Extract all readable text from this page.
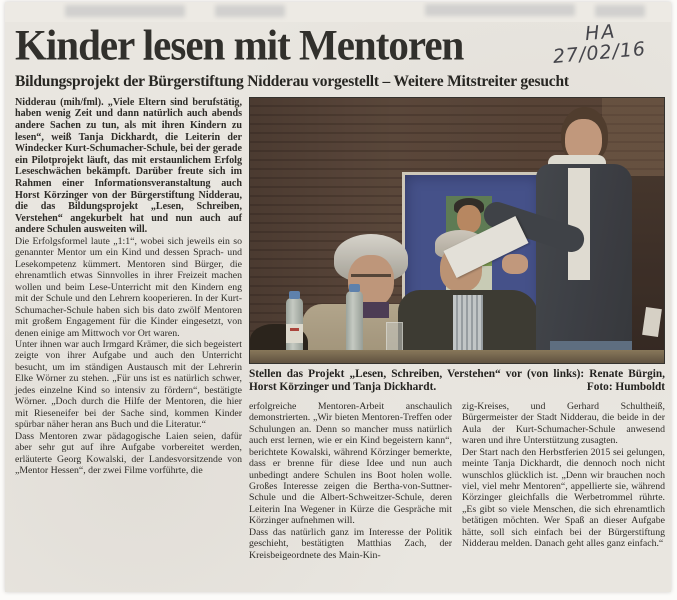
Kinder lesen mit Mentoren	HA
27/02/16

Bildungsprojekt der Bürgerstiftung Nidderau vorgestellt – Weitere Mitstreiter gesucht

Nidderau (mih/fml). „Viele Eltern sind berufstätig, haben wenig Zeit und dann natürlich auch abends andere Sachen zu tun, als mit ihren Kindern zu lesen“, weiß Tanja Dickhardt, die Leiterin der Windecker Kurt-Schumacher-Schule, bei der gerade ein Pilotprojekt läuft, das mit erstaunlichem Erfolg Leseschwächen bekämpft. Darüber freute sich im Rahmen einer Informationsveranstaltung auch Horst Körzinger von der Bürgerstiftung Nidderau, die das Bildungsprojekt „Lesen, Schreiben, Verstehen“ angekurbelt hat und nun auch auf andere Schulen ausweiten will.

Die Erfolgsformel laute „1:1“, wobei sich jeweils ein so genannter Mentor um ein Kind und dessen Sprach- und Lesekompetenz kümmert. Mentoren sind Bürger, die ehrenamtlich etwas Sinnvolles in ihrer Freizeit machen wollen und beim Lese-Unterricht mit den Kindern eng mit der Schule und den Lehrern kooperieren. In der Kurt-Schumacher-Schule haben sich bis dato zwölf Mentoren mit großem Engagement für die Kinder eingesetzt, von denen einige am Mittwoch vor Ort waren.

Unter ihnen war auch Irmgard Krämer, die sich begeistert zeigte von ihrer Aufgabe und auch den Unterricht besucht, um im ständigen Austausch mit der Lehrerin Elke Wörner zu stehen. „Für uns ist es natürlich schwer, jedes einzelne Kind so intensiv zu fördern“, bestätigte Wörner. „Doch durch die Hilfe der Mentoren, die hier mit Rieseneifer bei der Sache sind, kommen Kinder spürbar näher heran ans Buch und die Literatur.“

Dass Mentoren zwar pädagogische Laien seien, dafür aber sehr gut auf ihre Aufgabe vorbereitet werden, erläuterte Georg Kowalski, der Landesvorsitzende von „Mentor Hessen“, der zwei Filme vorführte, die

Stellen das Projekt „Lesen, Schreiben, Verstehen“ vor (von links): Renate Bürgin, Horst Körzinger und Tanja Dickhardt.	Foto: Humboldt

erfolgreiche Mentoren-Arbeit anschaulich demonstrierten. „Wir bieten Mentoren-Treffen oder Schulungen an. Denn so mancher muss natürlich auch erst lernen, wie er ein Kind begeistern kann“, berichtete Kowalski, während Körzinger bemerkte, dass er brenne für diese Idee und nun auch unbedingt andere Schulen ins Boot holen wolle. Großes Interesse zeigen die Bertha-von-Suttner-Schule und die Albert-Schweitzer-Schule, deren Leiterin Ina Wegener in Kürze die Gespräche mit Körzinger aufnehmen will.

Dass das natürlich ganz im Interesse der Politik geschieht, bestätigten Matthias Zach, der Kreisbeigeordnete des Main-Kin-

zig-Kreises, und Gerhard Schultheiß, Bürgermeister der Stadt Nidderau, die beide in der Aula der Kurt-Schumacher-Schule anwesend waren und ihre Unterstützung zusagten.

Der Start nach den Herbstferien 2015 sei gelungen, meinte Tanja Dickhardt, die dennoch noch nicht wunschlos glücklich ist. „Denn wir brauchen noch viel, viel mehr Mentoren“, appellierte sie, während Körzinger gleichfalls die Werbetrommel rührte. „Es gibt so viele Menschen, die sich ehrenamtlich betätigen möchten. Wer Spaß an dieser Aufgabe hätte, soll sich einfach bei der Bürgerstiftung Nidderau melden. Danach geht alles ganz einfach.“
